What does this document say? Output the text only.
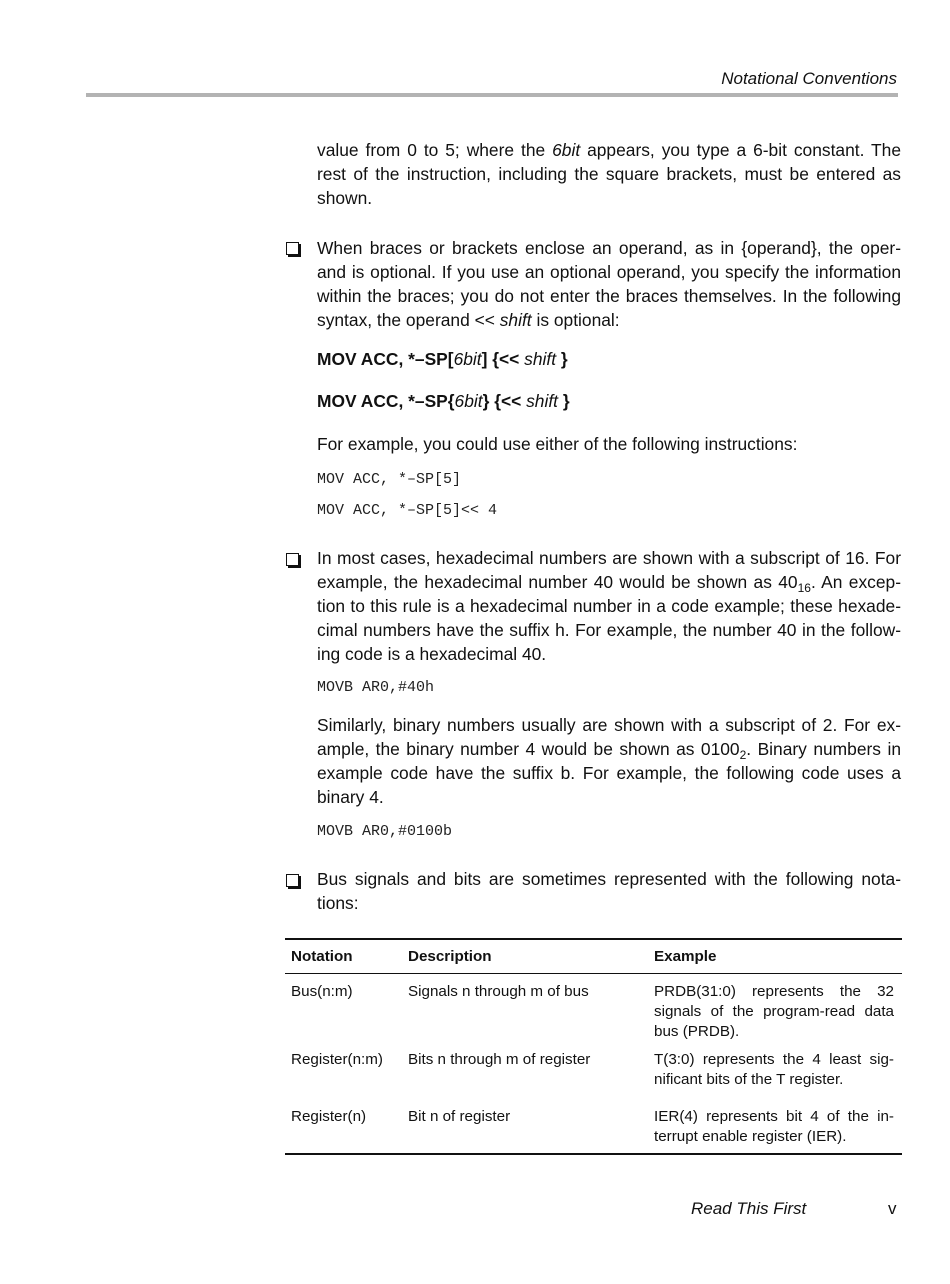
Notational Conventions
value from 0 to 5; where the 6bit appears, you type a 6-bit constant. The
rest of the instruction, including the square brackets, must be entered as
shown.
When braces or brackets enclose an operand, as in {operand}, the oper-
and is optional. If you use an optional operand, you specify the information
within the braces; you do not enter the braces themselves. In the following
syntax, the operand << shift is optional:
MOV ACC, *–SP[6bit] {<< shift }
MOV ACC, *–SP{6bit} {<< shift }
For example, you could use either of the following instructions:
MOV ACC, *–SP[5]
MOV ACC, *–SP[5]<< 4
In most cases, hexadecimal numbers are shown with a subscript of 16. For
example, the hexadecimal number 40 would be shown as $40_{16}$. An excep-
tion to this rule is a hexadecimal number in a code example; these hexade-
cimal numbers have the suffix h. For example, the number 40 in the follow-
ing code is a hexadecimal 40.
MOVB AR0,#40h
Similarly, binary numbers usually are shown with a subscript of 2. For ex-
ample, the binary number 4 would be shown as $0100_2$. Binary numbers in
example code have the suffix b. For example, the following code uses a
binary 4.
MOVB AR0,#0100b
Bus signals and bits are sometimes represented with the following nota-
tions:
Notation	Description	Example
Bus(n:m)	Signals n through m of bus	PRDB(31:0) represents the 32 signals of the program-read data bus (PRDB).
Register(n:m)	Bits n through m of register	T(3:0) represents the 4 least sig-nificant bits of the T register.
Register(n)	Bit n of register	IER(4) represents bit 4 of the in-terrupt enable register (IER).
Read This First	v
